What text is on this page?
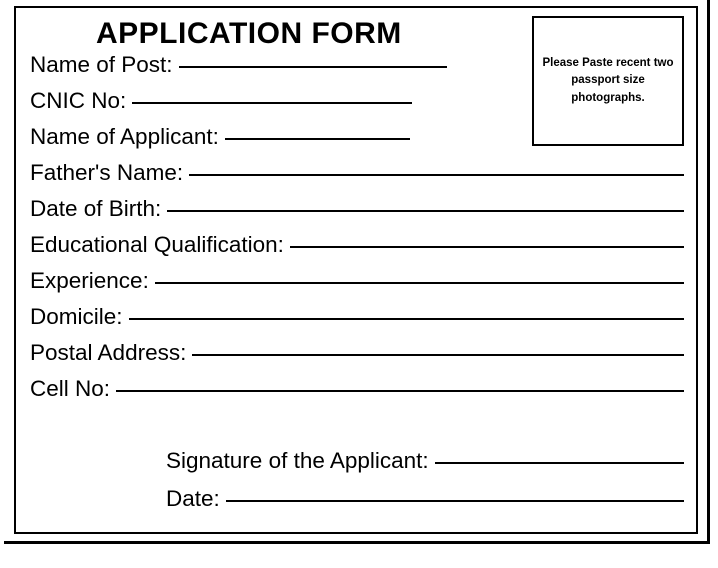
APPLICATION FORM
Please Paste recent two passport size photographs.
Name of Post:
CNIC No:
Name of Applicant:
Father's Name:
Date of Birth:
Educational Qualification:
Experience:
Domicile:
Postal Address:
Cell No:
Signature of the Applicant:
Date:
